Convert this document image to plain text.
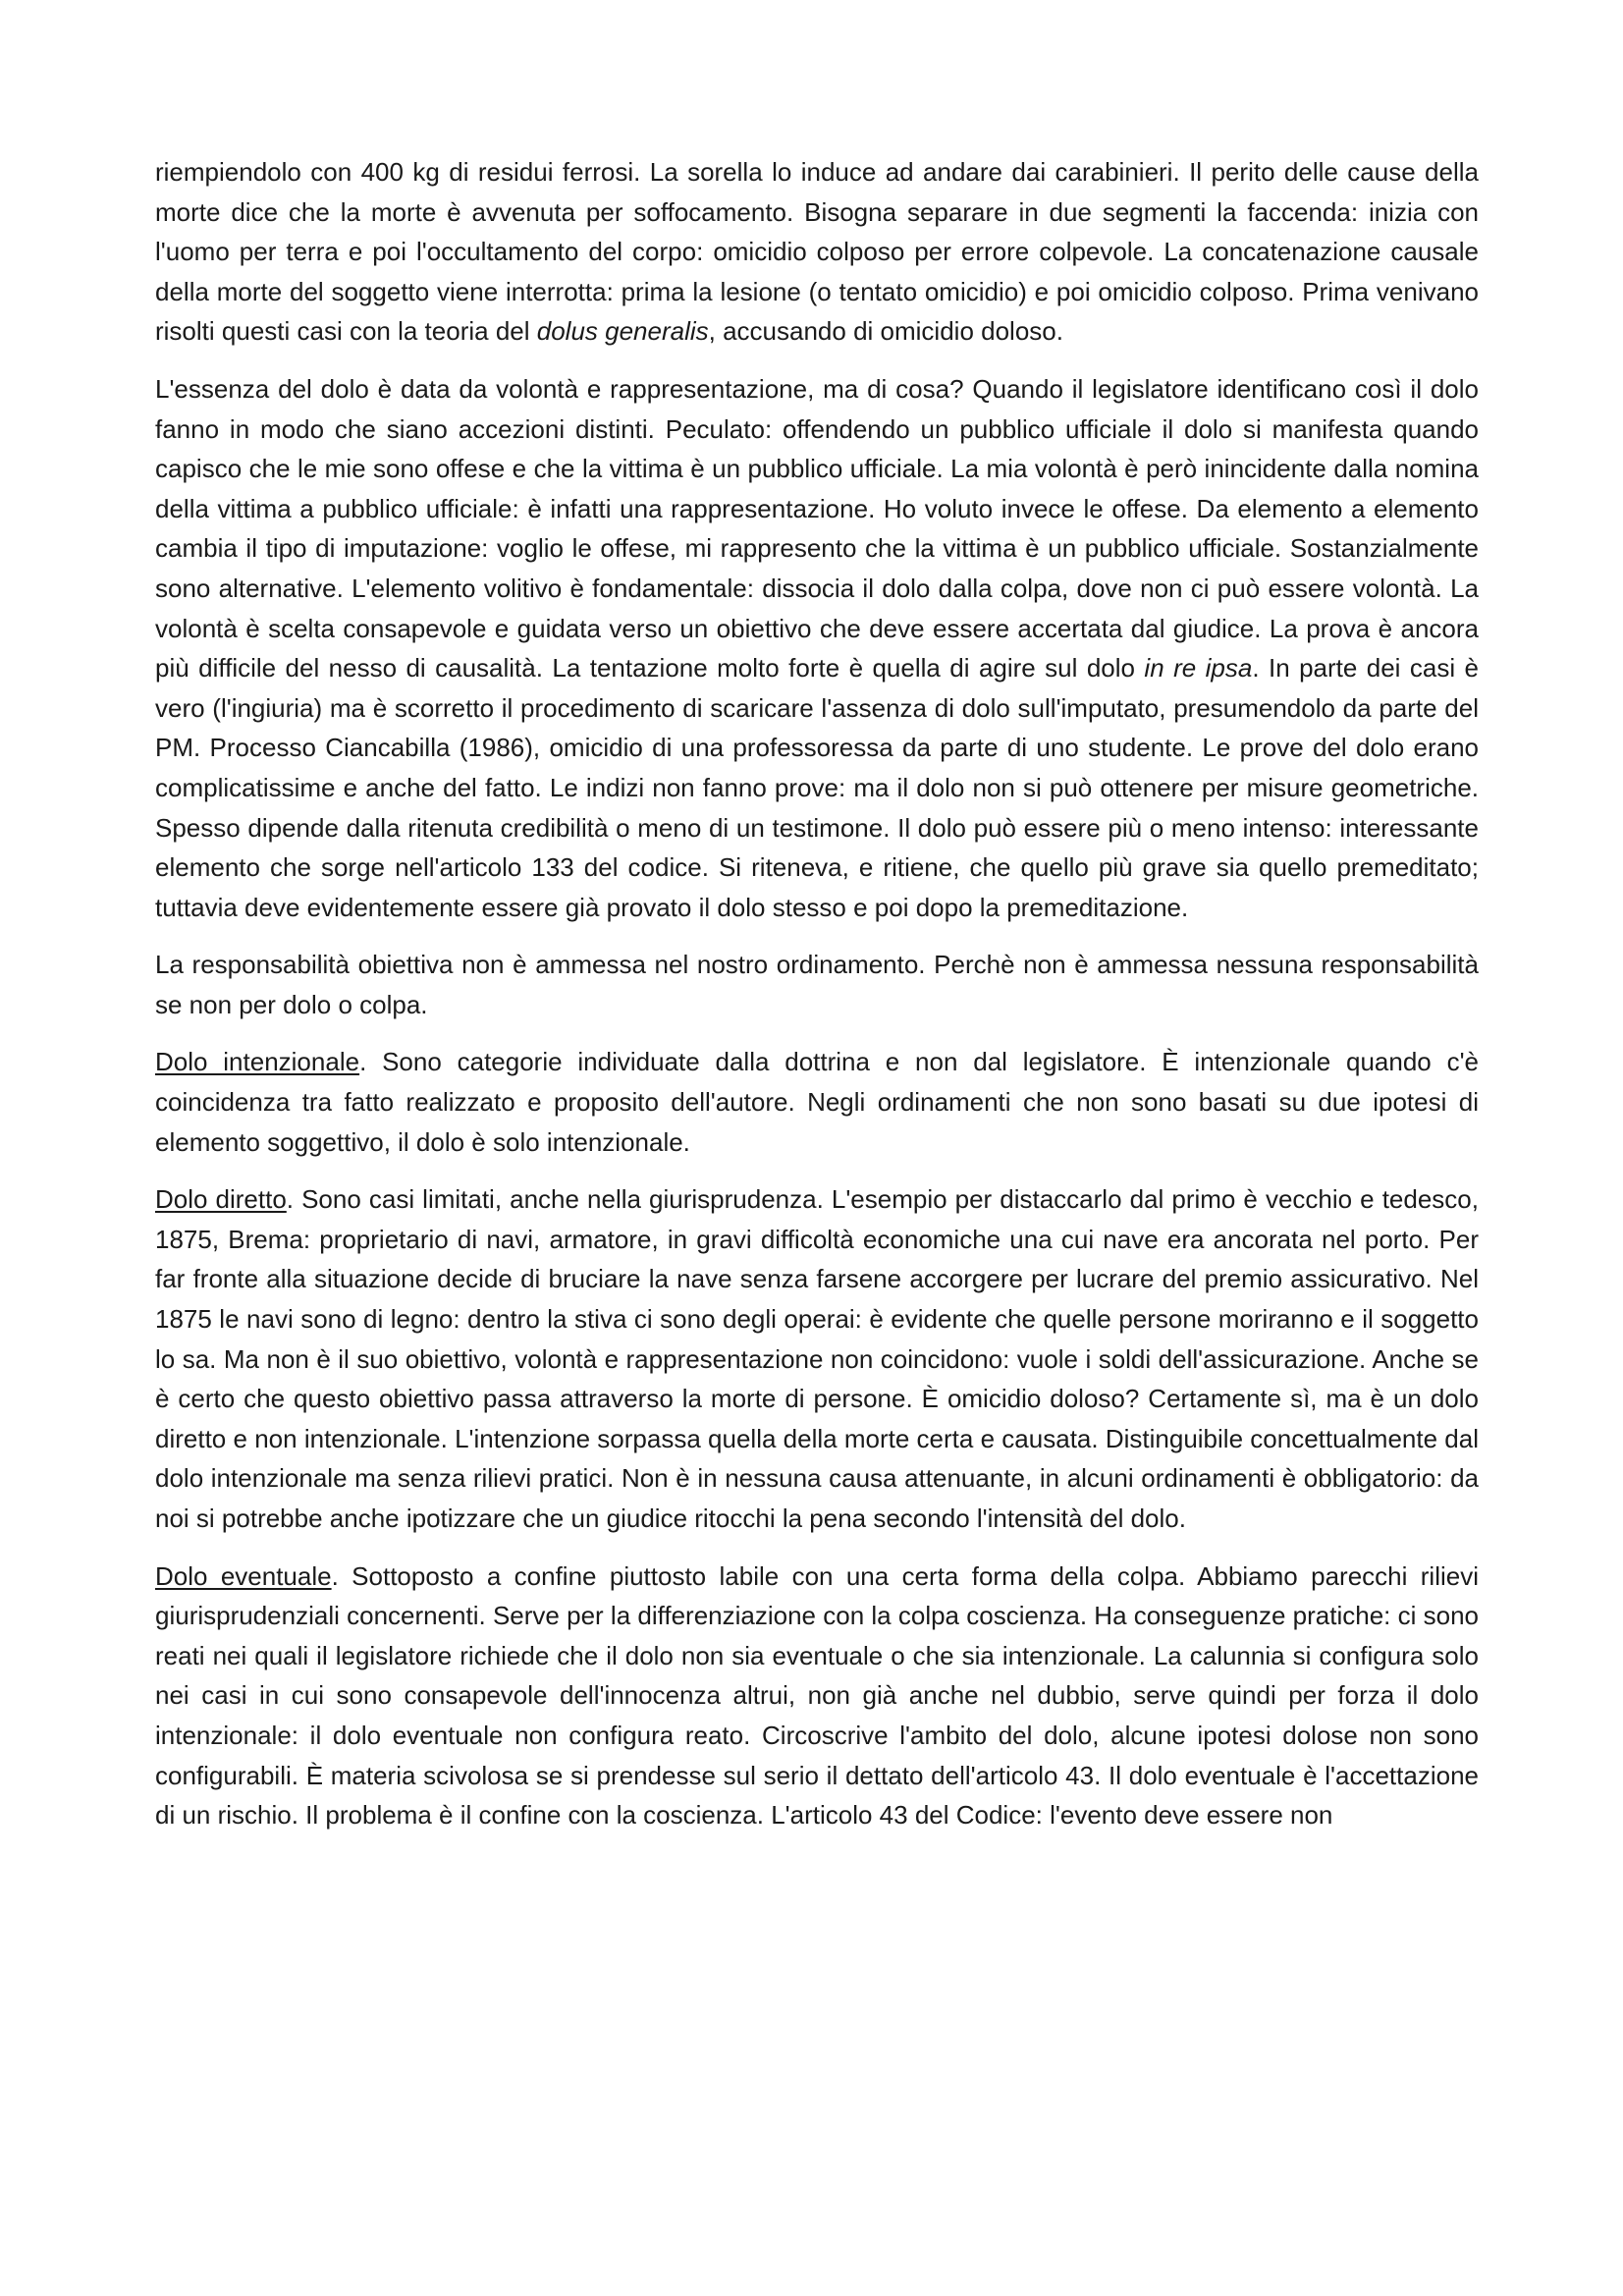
riempiendolo con 400 kg di residui ferrosi. La sorella lo induce ad andare dai carabinieri. Il perito delle cause della morte dice che la morte è avvenuta per soffocamento. Bisogna separare in due segmenti la faccenda: inizia con l'uomo per terra e poi l'occultamento del corpo: omicidio colposo per errore colpevole. La concatenazione causale della morte del soggetto viene interrotta: prima la lesione (o tentato omicidio) e poi omicidio colposo. Prima venivano risolti questi casi con la teoria del dolus generalis, accusando di omicidio doloso.

L'essenza del dolo è data da volontà e rappresentazione, ma di cosa? Quando il legislatore identificano così il dolo fanno in modo che siano accezioni distinti. Peculato: offendendo un pubblico ufficiale il dolo si manifesta quando capisco che le mie sono offese e che la vittima è un pubblico ufficiale. La mia volontà è però inincidente dalla nomina della vittima a pubblico ufficiale: è infatti una rappresentazione. Ho voluto invece le offese. Da elemento a elemento cambia il tipo di imputazione: voglio le offese, mi rappresento che la vittima è un pubblico ufficiale. Sostanzialmente sono alternative. L'elemento volitivo è fondamentale: dissocia il dolo dalla colpa, dove non ci può essere volontà. La volontà è scelta consapevole e guidata verso un obiettivo che deve essere accertata dal giudice. La prova è ancora più difficile del nesso di causalità. La tentazione molto forte è quella di agire sul dolo in re ipsa. In parte dei casi è vero (l'ingiuria) ma è scorretto il procedimento di scaricare l'assenza di dolo sull'imputato, presumendolo da parte del PM. Processo Ciancabilla (1986), omicidio di una professoressa da parte di uno studente. Le prove del dolo erano complicatissime e anche del fatto. Le indizi non fanno prove: ma il dolo non si può ottenere per misure geometriche. Spesso dipende dalla ritenuta credibilità o meno di un testimone. Il dolo può essere più o meno intenso: interessante elemento che sorge nell'articolo 133 del codice. Si riteneva, e ritiene, che quello più grave sia quello premeditato; tuttavia deve evidentemente essere già provato il dolo stesso e poi dopo la premeditazione.

La responsabilità obiettiva non è ammessa nel nostro ordinamento. Perchè non è ammessa nessuna responsabilità se non per dolo o colpa.

Dolo intenzionale. Sono categorie individuate dalla dottrina e non dal legislatore. È intenzionale quando c'è coincidenza tra fatto realizzato e proposito dell'autore. Negli ordinamenti che non sono basati su due ipotesi di elemento soggettivo, il dolo è solo intenzionale.

Dolo diretto. Sono casi limitati, anche nella giurisprudenza. L'esempio per distaccarlo dal primo è vecchio e tedesco, 1875, Brema: proprietario di navi, armatore, in gravi difficoltà economiche una cui nave era ancorata nel porto. Per far fronte alla situazione decide di bruciare la nave senza farsene accorgere per lucrare del premio assicurativo. Nel 1875 le navi sono di legno: dentro la stiva ci sono degli operai: è evidente che quelle persone moriranno e il soggetto lo sa. Ma non è il suo obiettivo, volontà e rappresentazione non coincidono: vuole i soldi dell'assicurazione. Anche se è certo che questo obiettivo passa attraverso la morte di persone. È omicidio doloso? Certamente sì, ma è un dolo diretto e non intenzionale. L'intenzione sorpassa quella della morte certa e causata. Distinguibile concettualmente dal dolo intenzionale ma senza rilievi pratici. Non è in nessuna causa attenuante, in alcuni ordinamenti è obbligatorio: da noi si potrebbe anche ipotizzare che un giudice ritocchi la pena secondo l'intensità del dolo.

Dolo eventuale. Sottoposto a confine piuttosto labile con una certa forma della colpa. Abbiamo parecchi rilievi giurisprudenziali concernenti. Serve per la differenziazione con la colpa coscienza. Ha conseguenze pratiche: ci sono reati nei quali il legislatore richiede che il dolo non sia eventuale o che sia intenzionale. La calunnia si configura solo nei casi in cui sono consapevole dell'innocenza altrui, non già anche nel dubbio, serve quindi per forza il dolo intenzionale: il dolo eventuale non configura reato. Circoscrive l'ambito del dolo, alcune ipotesi dolose non sono configurabili. È materia scivolosa se si prendesse sul serio il dettato dell'articolo 43. Il dolo eventuale è l'accettazione di un rischio. Il problema è il confine con la coscienza. L'articolo 43 del Codice: l'evento deve essere non
